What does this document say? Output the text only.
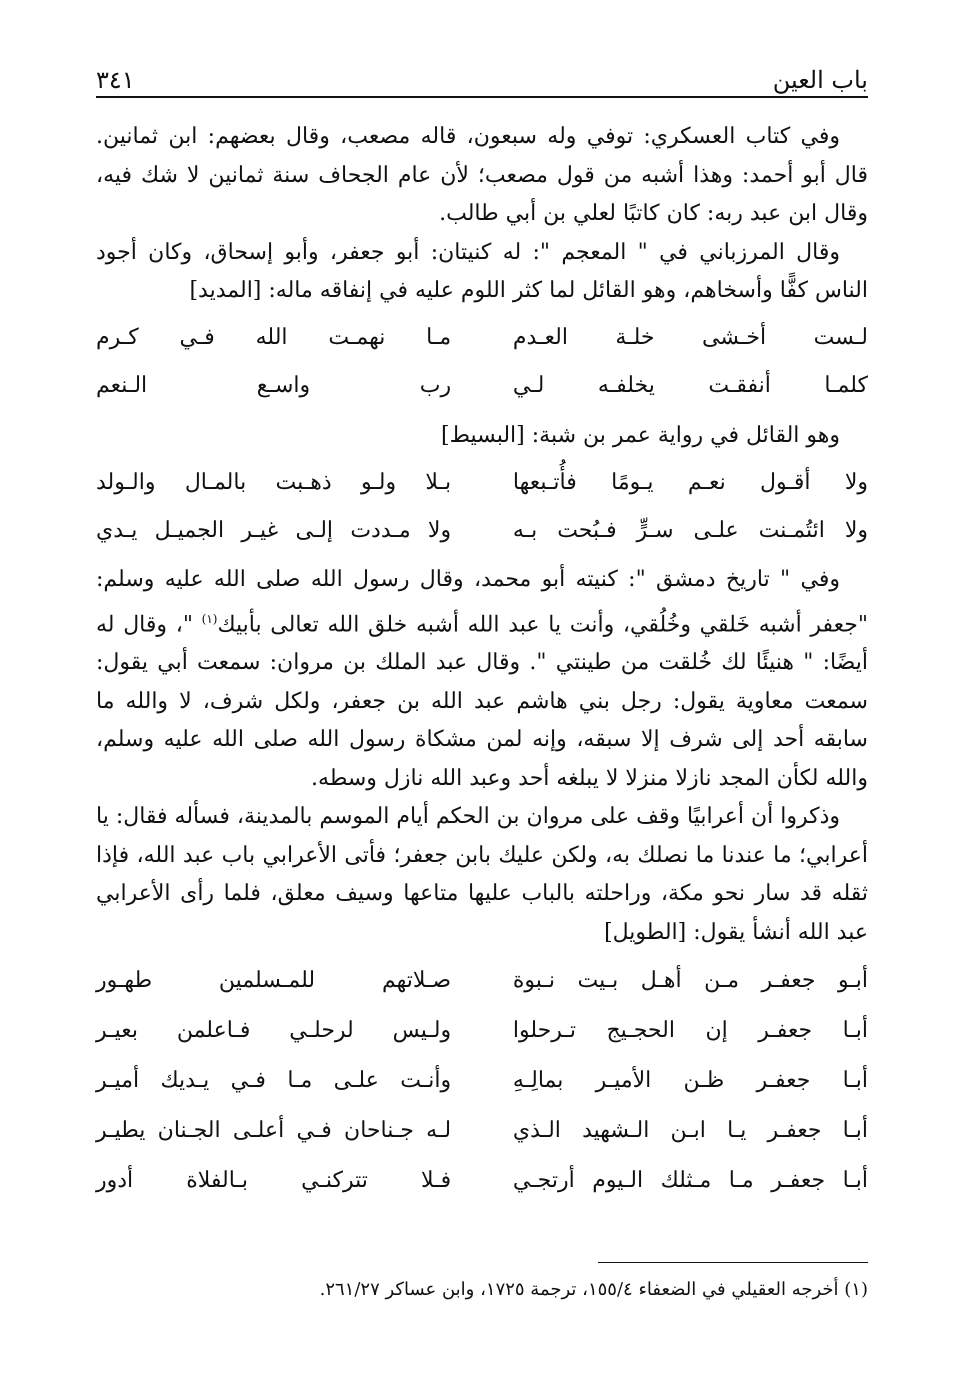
باب العين
٣٤١

وفي كتاب العسكري: توفي وله سبعون، قاله مصعب، وقال بعضهم: ابن ثمانين. قال أبو أحمد: وهذا أشبه من قول مصعب؛ لأن عام الجحاف سنة ثمانين لا شك فيه، وقال ابن عبد ربه: كان كاتبًا لعلي بن أبي طالب.

وقال المرزباني في " المعجم ": له كنيتان: أبو جعفر، وأبو إسحاق، وكان أجود الناس كفًّا وأسخاهم، وهو القائل لما كثر اللوم عليه في إنفاقه ماله: [المديد]

لـست أخـشى خلـة العـدم
مـا نهمـت الله فـي كـرم
كلمـا أنفقـت يخلفـه لـي
رب واسـع الـنعم

وهو القائل في رواية عمر بن شبة: [البسيط]

ولا أقـول نعـم يـومًا فأُتـبعها
بـلا ولـو ذهـبت بالمـال والـولد
ولا ائتُمـنت علـى سـرٍّ فـبُحت بـه
ولا مـددت إلـى غيـر الجميـل يـدي

وفي " تاريخ دمشق ": كنيته أبو محمد، وقال رسول الله صلى الله عليه وسلم: "جعفر أشبه خَلقي وخُلُقي، وأنت يا عبد الله أشبه خلق الله تعالى بأبيك$^{(١)}$ "، وقال له أيضًا: " هنيئًا لك خُلقت من طينتي ". وقال عبد الملك بن مروان: سمعت أبي يقول: سمعت معاوية يقول: رجل بني هاشم عبد الله بن جعفر، ولكل شرف، لا والله ما سابقه أحد إلى شرف إلا سبقه، وإنه لمن مشكاة رسول الله صلى الله عليه وسلم، والله لكأن المجد نازلا منزلا لا يبلغه أحد وعبد الله نازل وسطه.

وذكروا أن أعرابيًا وقف على مروان بن الحكم أيام الموسم بالمدينة، فسأله فقال: يا أعرابي؛ ما عندنا ما نصلك به، ولكن عليك بابن جعفر؛ فأتى الأعرابي باب عبد الله، فإذا ثقله قد سار نحو مكة، وراحلته بالباب عليها متاعها وسيف معلق، فلما رأى الأعرابي عبد الله أنشأ يقول: [الطويل]

أبـو جعفـر مـن أهـل بـيت نـبوة
صـلاتهم للمـسلمين طهـور
أبـا جعفـر إن الحجـيج تـرحلوا
ولـيس لرحلـي فـاعلمن بعيـر
أبـا جعفـر ظـن الأميـر بمالِـهِ
وأنـت علـى مـا فـي يـديك أميـر
أبـا جعفـر يـا ابـن الـشهيد الـذي
لـه جـناحان فـي أعلـى الجـنان يطيـر
أبـا جعفـر مـا مـثلك الـيوم أرتجـي
فـلا تتركنـي بـالفلاة أدور
(١) أخرجه العقيلي في الضعفاء ١٥٥/٤، ترجمة ١٧٢٥، وابن عساكر ٢٦١/٢٧.
